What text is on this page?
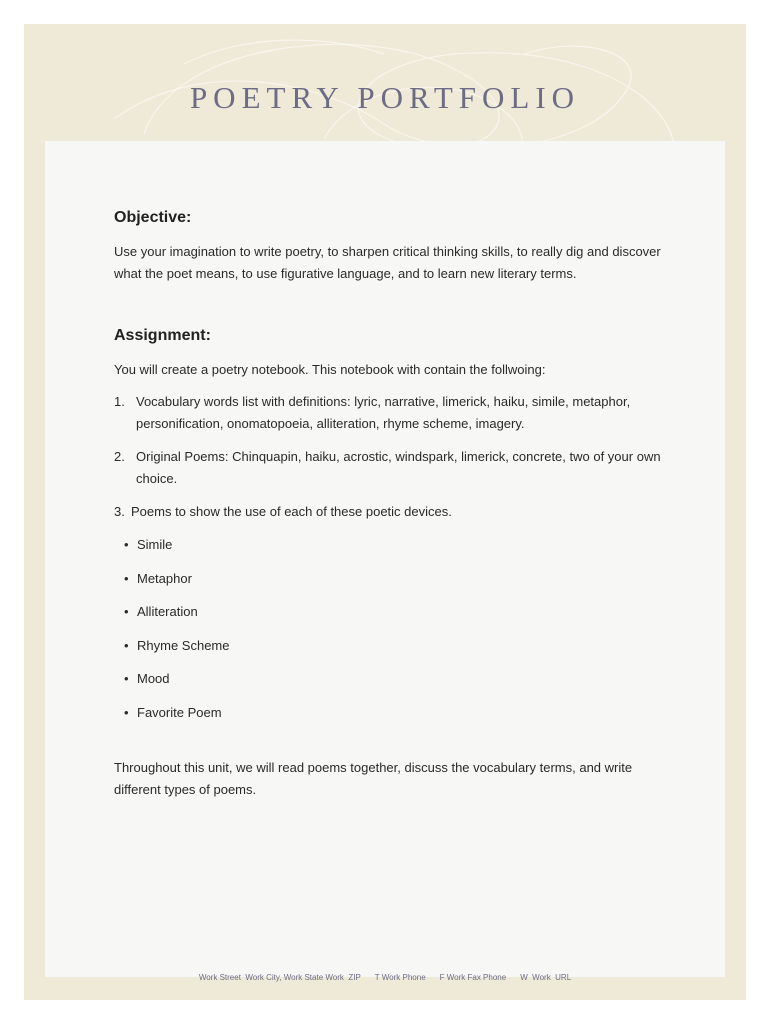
POETRY PORTFOLIO
Objective:

Use your imagination to write poetry, to sharpen critical thinking skills, to really dig and discover what the poet means, to use figurative language, and to learn new literary terms.

Assignment:

You will create a poetry notebook. This notebook with contain the follwoing:

1. Vocabulary words list with definitions: lyric, narrative, limerick, haiku, simile, metaphor, personification, onomatopoeia, alliteration, rhyme scheme, imagery.
2. Original Poems: Chinquapin, haiku, acrostic, windspark, limerick, concrete, two of your own choice.
3. Poems to show the use of each of these poetic devices.
• Simile
• Metaphor
• Alliteration
• Rhyme Scheme
• Mood
• Favorite Poem

Throughout this unit, we will read poems together, discuss the vocabulary terms, and write different types of poems.

Work Street  Work City, Work State Work  ZIP T Work Phone F Work Fax Phone W  Work  URL
